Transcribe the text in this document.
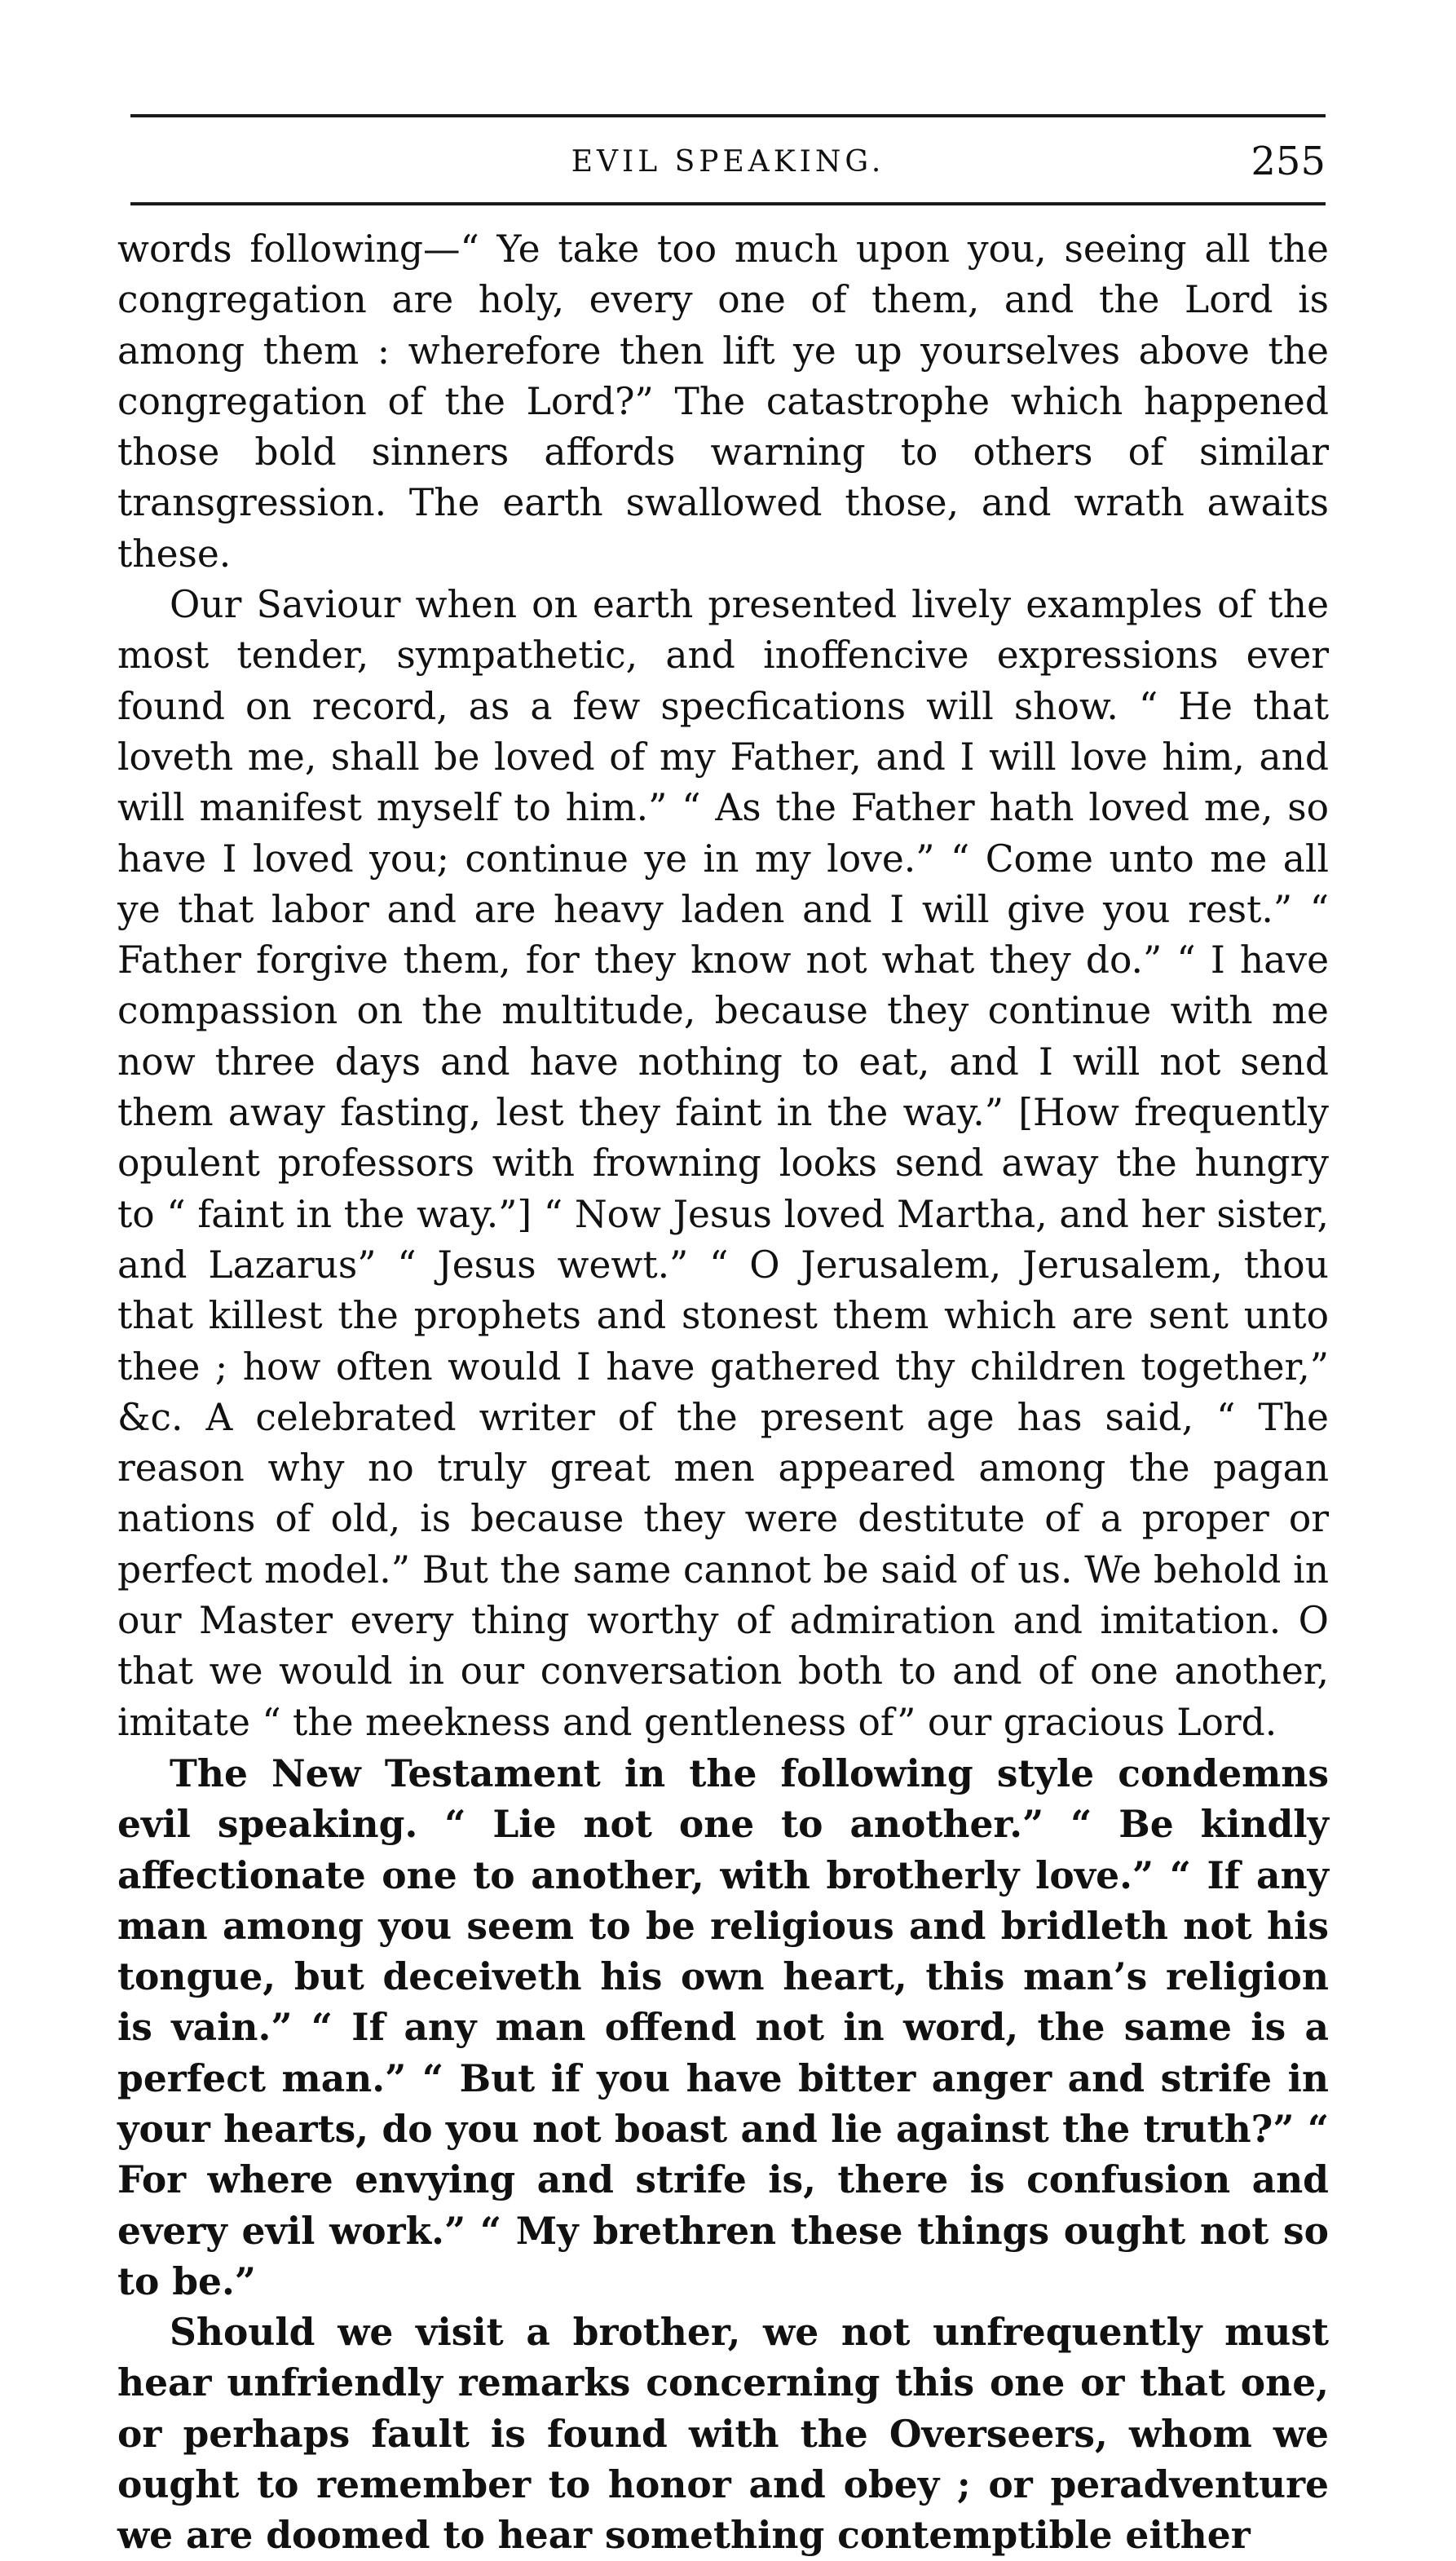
EVIL SPEAKING.	255

words following—“ Ye take too much upon you, seeing all the congregation are holy, every one of them, and the Lord is among them : wherefore then lift ye up yourselves above the congregation of the Lord?” The catastrophe which happened those bold sinners affords warning to others of similar transgression. The earth swallowed those, and wrath awaits these.

Our Saviour when on earth presented lively examples of the most tender, sympathetic, and inoffencive expressions ever found on record, as a few specfications will show. “ He that loveth me, shall be loved of my Father, and I will love him, and will manifest myself to him.” “ As the Father hath loved me, so have I loved you; continue ye in my love.” “ Come unto me all ye that labor and are heavy laden and I will give you rest.” “ Father forgive them, for they know not what they do.” “ I have compassion on the multitude, because they continue with me now three days and have nothing to eat, and I will not send them away fasting, lest they faint in the way.” [How frequently opulent professors with frowning looks send away the hungry to “ faint in the way.”] “ Now Jesus loved Martha, and her sister, and Lazarus” “ Jesus wewt.” “ O Jerusalem, Jerusalem, thou that killest the prophets and stonest them which are sent unto thee ; how often would I have gathered thy children together,” &c. A celebrated writer of the present age has said, “ The reason why no truly great men appeared among the pagan nations of old, is because they were destitute of a proper or perfect model.” But the same cannot be said of us. We behold in our Master every thing worthy of admiration and imitation. O that we would in our conversation both to and of one another, imitate “ the meekness and gentleness of” our gracious Lord.

The New Testament in the following style condemns evil speaking. “ Lie not one to another.” “ Be kindly affectionate one to another, with brotherly love.” “ If any man among you seem to be religious and bridleth not his tongue, but deceiveth his own heart, this man’s religion is vain.” “ If any man offend not in word, the same is a perfect man.” “ But if you have bitter anger and strife in your hearts, do you not boast and lie against the truth?” “ For where envying and strife is, there is confusion and every evil work.” “ My brethren these things ought not so to be.”

Should we visit a brother, we not unfrequently must hear unfriendly remarks concerning this one or that one, or perhaps fault is found with the Overseers, whom we ought to remember to honor and obey ; or peradventure we are doomed to hear something contemptible either
